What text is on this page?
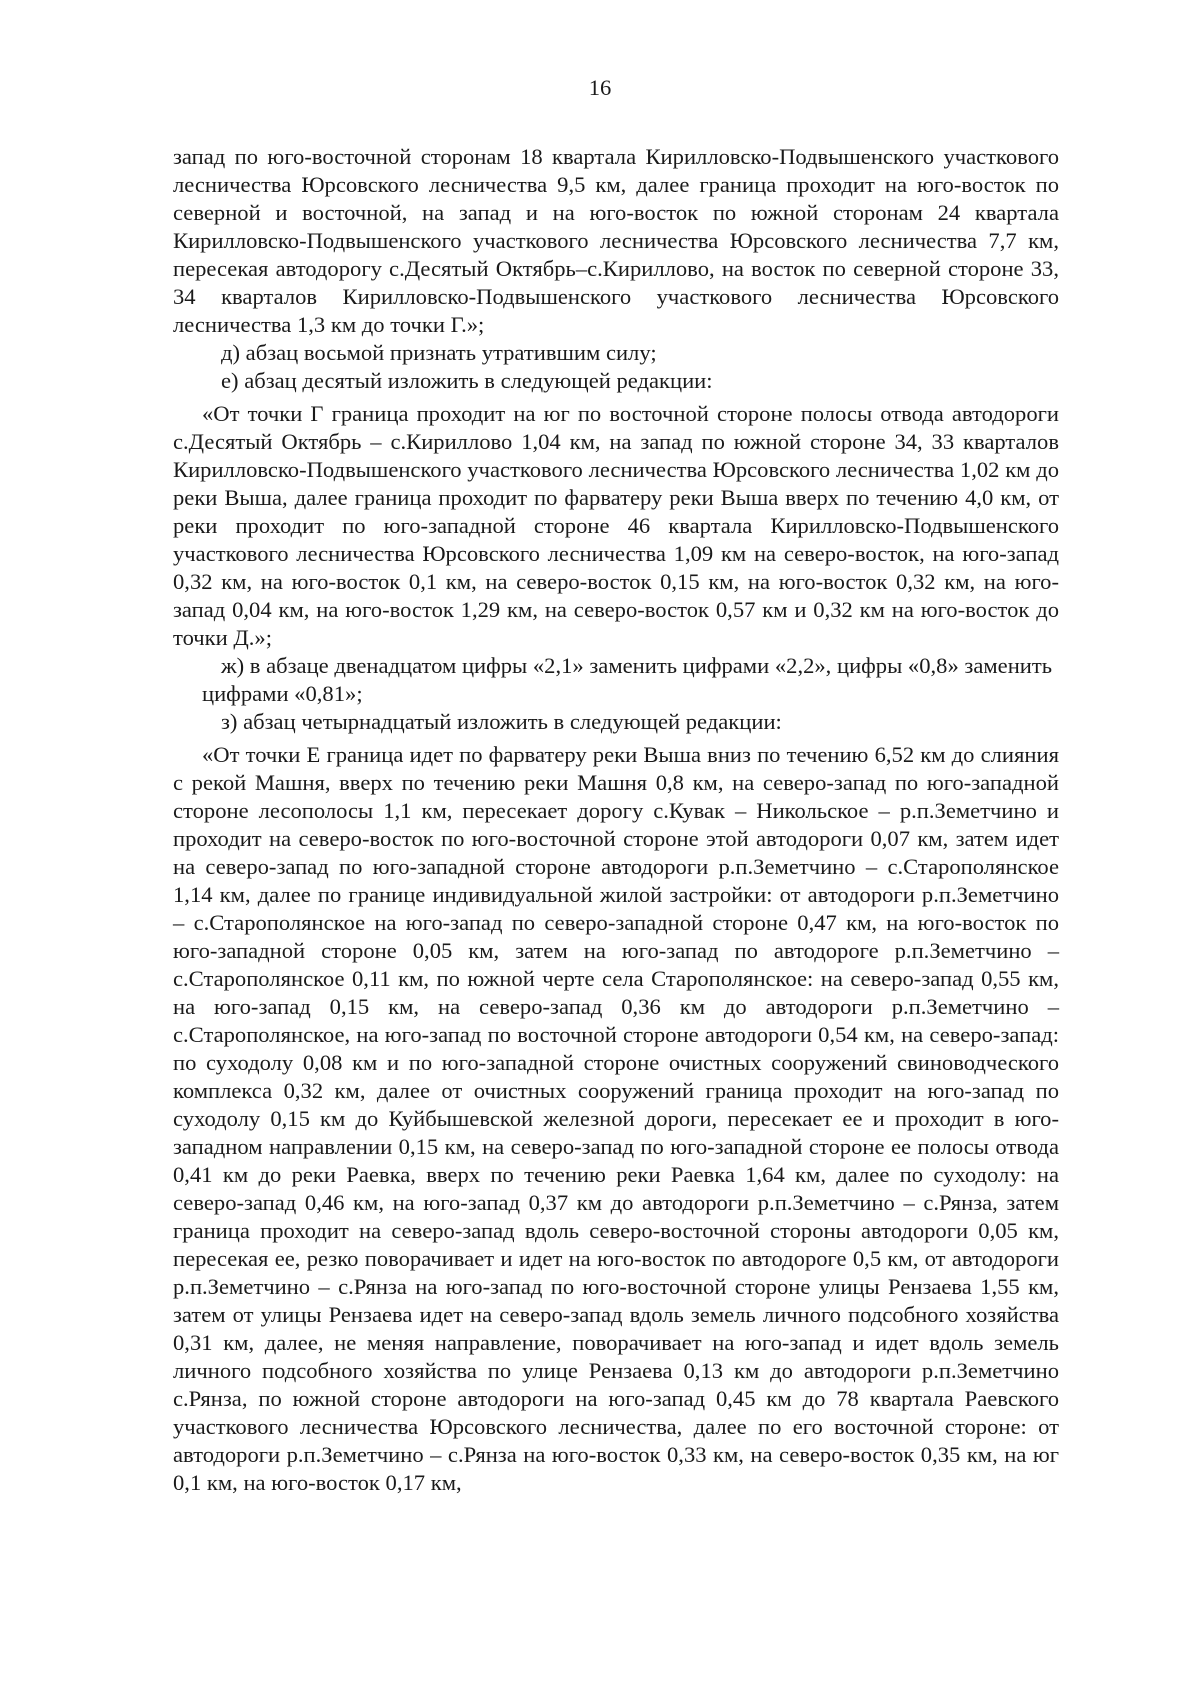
16

запад по юго-восточной сторонам 18 квартала Кирилловско-Подвышенского участкового лесничества Юрсовского лесничества 9,5 км, далее граница проходит на юго-восток по северной и восточной, на запад и на юго-восток по южной сторонам 24 квартала Кирилловско-Подвышенского участкового лесничества Юрсовского лесничества 7,7 км, пересекая автодорогу с.Десятый Октябрь–с.Кириллово, на восток по северной стороне 33, 34 кварталов Кирилловско-Подвышенского участкового лесничества Юрсовского лесничества 1,3 км до точки Г.»;

д) абзац восьмой признать утратившим силу;

е) абзац десятый изложить в следующей редакции:

«От точки Г граница проходит на юг по восточной стороне полосы отвода автодороги с.Десятый Октябрь – с.Кириллово 1,04 км, на запад по южной стороне 34, 33 кварталов Кирилловско-Подвышенского участкового лесничества Юрсовского лесничества 1,02 км до реки Выша, далее граница проходит по фарватеру реки Выша вверх по течению 4,0 км, от реки проходит по юго-западной стороне 46 квартала Кирилловско-Подвышенского участкового лесничества Юрсовского лесничества 1,09 км на северо-восток, на юго-запад 0,32 км, на юго-восток 0,1 км, на северо-восток 0,15 км, на юго-восток 0,32 км, на юго-запад 0,04 км, на юго-восток 1,29 км, на северо-восток 0,57 км и 0,32 км на юго-восток до точки Д.»;

ж) в абзаце двенадцатом цифры «2,1» заменить цифрами «2,2», цифры «0,8» заменить цифрами «0,81»;

з) абзац четырнадцатый изложить в следующей редакции:

«От точки Е граница идет по фарватеру реки Выша вниз по течению 6,52 км до слияния с рекой Машня, вверх по течению реки Машня 0,8 км, на северо-запад по юго-западной стороне лесополосы 1,1 км, пересекает дорогу с.Кувак – Никольское – р.п.Земетчино и проходит на северо-восток по юго-восточной стороне этой автодороги 0,07 км, затем идет на северо-запад по юго-западной стороне автодороги р.п.Земетчино – с.Старополянское 1,14 км, далее по границе индивидуальной жилой застройки: от автодороги р.п.Земетчино – с.Старополянское на юго-запад по северо-западной стороне 0,47 км, на юго-восток по юго-западной стороне 0,05 км, затем на юго-запад по автодороге р.п.Земетчино – с.Старополянское 0,11 км, по южной черте села Старополянское: на северо-запад 0,55 км, на юго-запад 0,15 км, на северо-запад 0,36 км до автодороги р.п.Земетчино – с.Старополянское, на юго-запад по восточной стороне автодороги 0,54 км, на северо-запад: по суходолу 0,08 км и по юго-западной стороне очистных сооружений свиноводческого комплекса 0,32 км, далее от очистных сооружений граница проходит на юго-запад по суходолу 0,15 км до Куйбышевской железной дороги, пересекает ее и проходит в юго-западном направлении 0,15 км, на северо-запад по юго-западной стороне ее полосы отвода 0,41 км до реки Раевка, вверх по течению реки Раевка 1,64 км, далее по суходолу: на северо-запад 0,46 км, на юго-запад 0,37 км до автодороги р.п.Земетчино – с.Рянза, затем граница проходит на северо-запад вдоль северо-восточной стороны автодороги 0,05 км, пересекая ее, резко поворачивает и идет на юго-восток по автодороге 0,5 км, от автодороги р.п.Земетчино – с.Рянза на юго-запад по юго-восточной стороне улицы Рензаева 1,55 км, затем от улицы Рензаева идет на северо-запад вдоль земель личного подсобного хозяйства 0,31 км, далее, не меняя направление, поворачивает на юго-запад и идет вдоль земель личного подсобного хозяйства по улице Рензаева 0,13 км до автодороги р.п.Земетчино с.Рянза, по южной стороне автодороги на юго-запад 0,45 км до 78 квартала Раевского участкового лесничества Юрсовского лесничества, далее по его восточной стороне: от автодороги р.п.Земетчино – с.Рянза на юго-восток 0,33 км, на северо-восток 0,35 км, на юг 0,1 км, на юго-восток 0,17 км,
